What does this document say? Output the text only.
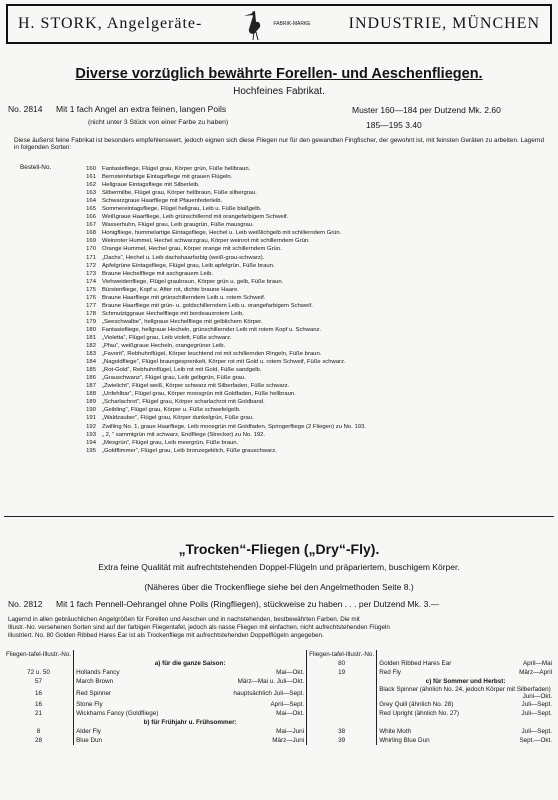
H. STORK, Angelgeräte-	FABRIK-MARKE INDUSTRIE, MÜNCHEN
Diverse vorzüglich bewährte Forellen- und Aeschenfliegen.
Hochfeines Fabrikat.
No. 2814 Mit 1 fach Angel an extra feinen, langen Poils
(nicht unter 3 Stück von einer Farbe zu haben)
Muster 160—184 per Dutzend Mk. 2.60
185—195 3.40
Diese äußerst feine Fabrikat ist besonders empfehlenswert, jedoch eignen sich diese Fliegen nur für den gewandten Fingfischer, der gewohnt ist, mit feinsten Geräten zu arbeiten. Lagernd in folgenden Sorten:
Bestell-No.	160	Fantasiefliege, Flügel grau, Körper grün, Füße hellbraun.
161	Bernsteinfarbige Eintagsfliege mit grauen Flügeln.
162	Hellgraue Eintagsfliege mit Silberleib.
163	Silbermilbe, Flügel grau, Körper hellbraun, Füße silbergrau.
164	Schwarzgraue Haarfliege mit Pfauenfederleib.
165	Sommereintagsfliege, Flügel hellgrau, Leib u. Füße blaßgelb.
166	Weißgraue Haarfliege, Leib grünschillernd mit orangefarbigem Schweif.
167	Wasserhuhn, Flügel grau, Leib graugrün, Füße mausgrau.
168	Honigfliege, hummelartige Eintagsfliege, Hechel u. Leib weißlichgelb mit schillerndem Grün.
169	Weinroter Hummel, Hechel schwarzgrau, Körper weinrot mit schillerndem Grün.
170	Orange Hummel, Hechel grau, Körper orange mit schillerndem Grün.
171	„Dachs“, Hechel u. Leib dachshaarfarbig (weiß-grau-schwarz).
172	Apfelgrüne Eintagsfliege, Flügel grau, Leib apfelgrün, Füße braun.
173	Braune Hechelfliege mit aschgrauem Leib.
174	Viehweidenfliege, Flügel graubraun, Körper grün u. gelb, Füße braun.
175	Bürstenfliege, Kopf u. After rot, dichte braune Haare.
176	Braune Haarfliege mit grünschillerndem Leib u. rotem Schweif.
177	Braune Haarfliege mit grün- u. goldschillerndem Leib u. orangefarbigem Schweif.
178	Schmutziggraue Hechelfliege mit bordeauxrotem Leib.
179	„Seeschwalbe“, hellgraue Hechelfliege mit gelblichem Körper.
180	Fantasiefliege, hellgraue Hecheln, grünschillernder Leib mit rotem Kopf u. Schwanz.
181	„Violetta“, Flügel grau, Leib violett, Füße schwarz.
182	„Pfau“, weißgraue Hecheln, orangegrüner Leib.
183	„Favorit“, Rebhuhnflügel, Körper leuchtend rot mit schillernden Ringeln, Füße braun.
184	„Nagoldfliege“, Flügel braungesprenkelt, Körper rot mit Gold u. rotem Schweif, Füße schwarz.
185	„Rot-Gold“, Rebhuhnflügel, Leib rot mit Gold, Füße sandgelb.
186	„Grauschwanz“, Flügel grau, Leib gelbgrün, Füße grau.
187	„Zwielicht“, Flügel weiß, Körper schwarz mit Silberfaden, Füße schwarz.
188	„Unfehlbar“, Flügel grau, Körper moosgrün mit Goldfaden, Füße hellbraun.
189	„Scharlachrot“, Flügel grau, Körper scharlachrot mit Goldband.
190	„Geibling“, Flügel grau, Körper u. Füße schwefelgelb.
191	„Waldzauber“, Flügel grau, Körper dunkelgrün, Füße grau.
192	Zwilling No. 1, graue Haarfliege, Leib moosgrün mit Goldfaden, Springerfliege (2 Fliegen) zu No. 193.
193	„ 2, “ sammtgrün mit schwarz, Endfliege (Strecker) zu No. 192.
194	„Mesgrün“, Flügel grau, Leib meergrün, Füße braun.
195	„Goldflimmer“, Flügel grau, Leib bronzegeblich, Füße grauschwarz.
„Trocken“-Fliegen („Dry“-Fly).
Extra feine Qualität mit aufrechtstehenden Doppel-Flügeln und präpariertem, buschigem Körper.
(Näheres über die Trockenfliege siehe bei den Angelmethoden Seite 8.)
No. 2812 Mit 1 fach Pennell-Oehrangel ohne Poils (Ringfliegen), stückweise zu haben . . . per Dutzend Mk. 3.—
Lagernd in allen gebräuchlichen Angelgrößen für Forellen und Aeschen und in nachstehenden, bestbewährten Farben. Die mit
Illustr.-No. versehenen Sorten sind auf der farbigen Fliegentafel, jedoch als nasse Fliegen mit einfachen, nicht aufrechtstehenden Flügeln
illustriert. No. 80 Golden Ribbed Hares Ear ist als Trockenfliege mit aufrechtstehenden Doppelflügeln angegeben.
Fliegen-tafel-Illustr.-No.		Fliegen-tafel-Illustr.-No.	
	a) für die ganze Saison:	80	Golden Ribbed Hares Ear April—Mai

72 u. 50	Hollands Fancy Mai—Okt.	19	Red Fly März—April

57	March Brown März—Mai u. Juli—Okt.		c) für Sommer und Herbst:
16	Red Spinner hauptsächlich Juli—Sept.		Black Spinner (ähnlich No. 24, jedoch Körper mit Silberfaden)
Juni—Okt.

16	Stone Fly April—Sept.		Grey Quill (ähnlich No. 28) Juli—Sept.

21	Wickhams Fancy (Goldfliege) Mai—Okt.		Red Upright (ähnlich No. 27) Juli—Sept.

	b) für Frühjahr u. Frühsommer:		
8	Alder Fly Mai—Juni	38	White Moth Juli—Sept.

28	Blue Dun März—Juni	39	Whirling Blue Dun Sept.—Okt.
